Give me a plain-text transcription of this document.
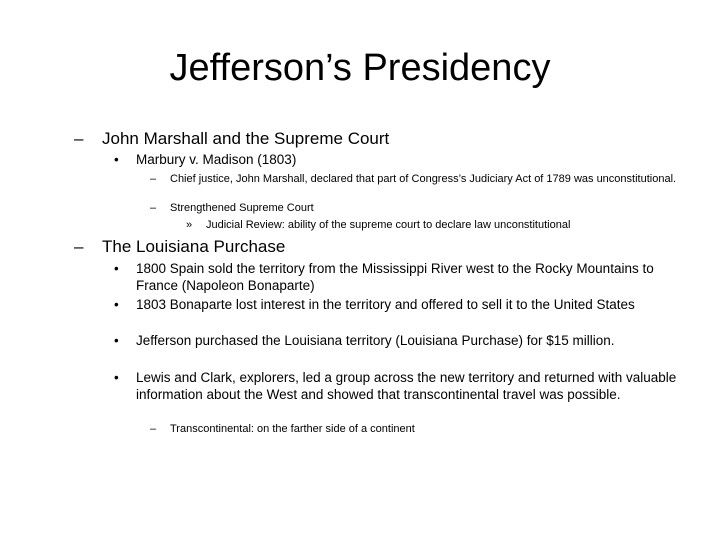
Jefferson’s Presidency
–	John Marshall and the Supreme Court
•	Marbury v. Madison (1803)
–	Chief justice, John Marshall, declared that part of Congress’s Judiciary Act of 1789 was unconstitutional.
–	Strengthened Supreme Court
»	Judicial Review: ability of the supreme court to declare law unconstitutional
–	The Louisiana Purchase
•	1800 Spain sold the territory from the Mississippi River west to the Rocky Mountains to France (Napoleon Bonaparte)
•	1803 Bonaparte lost interest in the territory and offered to sell it to the United States
•	Jefferson purchased the Louisiana territory (Louisiana Purchase) for $15 million.
•	Lewis and Clark, explorers, led a group across the new territory and returned with valuable information about the West and showed that transcontinental travel was possible.
–	Transcontinental: on the farther side of a continent
